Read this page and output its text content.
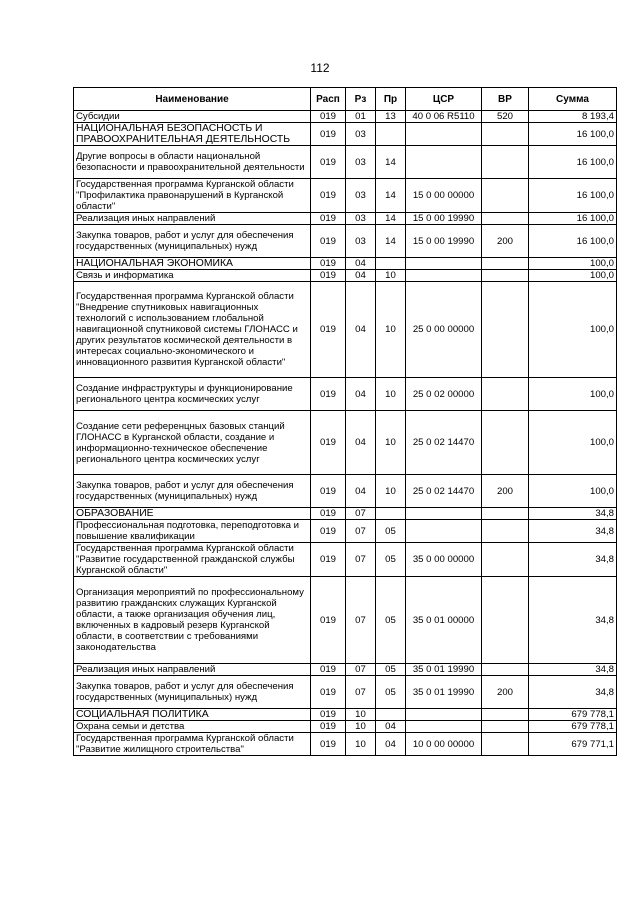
112
Наименование	Расп	Рз	Пр	ЦСР	ВР	Сумма
Субсидии	019	01	13	40 0 06 R5110	520	8 193,4
НАЦИОНАЛЬНАЯ БЕЗОПАСНОСТЬ И ПРАВООХРАНИТЕЛЬНАЯ ДЕЯТЕЛЬНОСТЬ	019	03				16 100,0
Другие вопросы в области национальной безопасности и правоохранительной деятельности	019	03	14			16 100,0
Государственная программа Курганской области "Профилактика правонарушений в Курганской области"	019	03	14	15 0 00 00000		16 100,0
Реализация иных направлений	019	03	14	15 0 00 19990		16 100,0
Закупка товаров, работ и услуг для обеспечения государственных (муниципальных) нужд	019	03	14	15 0 00 19990	200	16 100,0
НАЦИОНАЛЬНАЯ ЭКОНОМИКА	019	04				100,0
Связь и информатика	019	04	10			100,0
Государственная программа Курганской области "Внедрение спутниковых навигационных технологий с использованием глобальной навигационной спутниковой системы ГЛОНАСС и других результатов космической деятельности в интересах социально-экономического и инновационного развития Курганской области"	019	04	10	25 0 00 00000		100,0
Создание инфраструктуры и функционирование регионального центра космических услуг	019	04	10	25 0 02 00000		100,0
Создание сети референцных базовых станций ГЛОНАСС в Курганской области, создание и информационно-техническое обеспечение регионального центра космических услуг	019	04	10	25 0 02 14470		100,0
Закупка товаров, работ и услуг для обеспечения государственных (муниципальных) нужд	019	04	10	25 0 02 14470	200	100,0
ОБРАЗОВАНИЕ	019	07				34,8
Профессиональная подготовка, переподготовка и повышение квалификации	019	07	05			34,8
Государственная программа Курганской области "Развитие государственной гражданской службы Курганской области"	019	07	05	35 0 00 00000		34,8
Организация мероприятий по профессиональному развитию гражданских служащих Курганской области, а также организация обучения лиц, включенных в кадровый резерв Курганской области, в соответствии с требованиями законодательства	019	07	05	35 0 01 00000		34,8
Реализация иных направлений	019	07	05	35 0 01 19990		34,8
Закупка товаров, работ и услуг для обеспечения государственных (муниципальных) нужд	019	07	05	35 0 01 19990	200	34,8
СОЦИАЛЬНАЯ ПОЛИТИКА	019	10				679 778,1
Охрана семьи и детства	019	10	04			679 778,1
Государственная программа Курганской области "Развитие жилищного строительства"	019	10	04	10 0 00 00000		679 771,1
